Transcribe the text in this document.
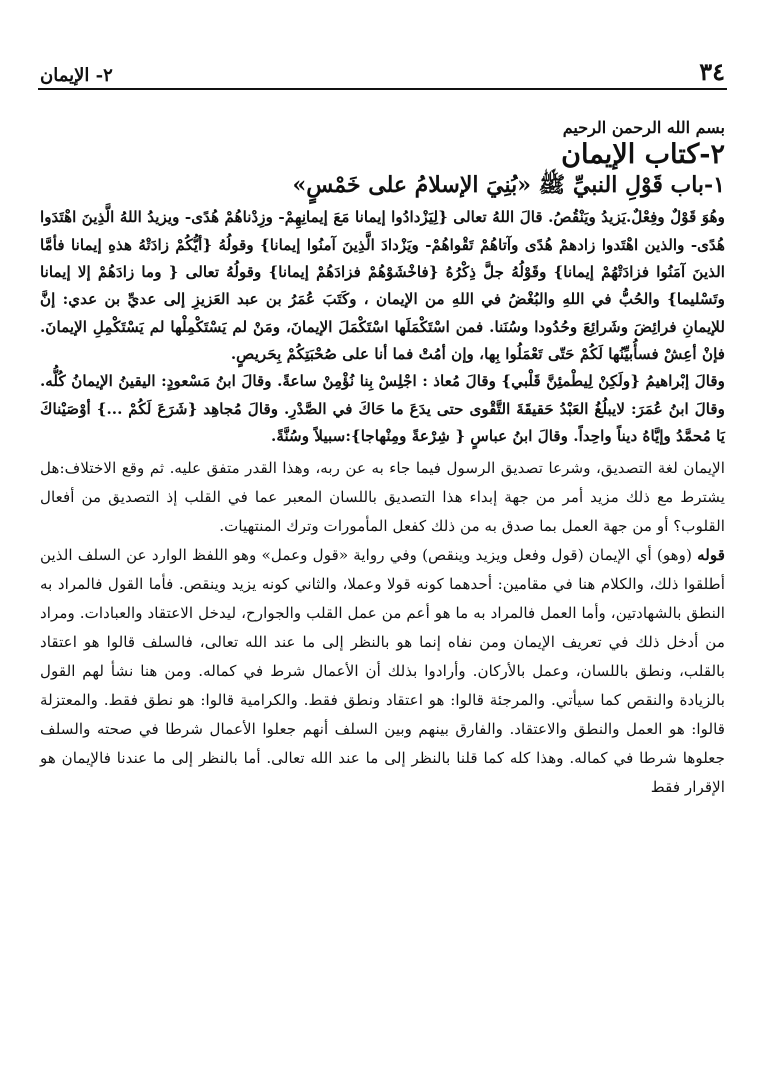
٣٤
٢- الإيمان
بسم الله الرحمن الرحيم
٢-كتاب الإيمان
١-باب قَوْلِ النبيِّ ﷺ «بُنِيَ الإسلامُ على خَمْسٍ»

وهُوَ قَوْلٌ وفِعْلٌ.يَزيدُ ويَنْقُصُ. قالَ اللهُ تعالى {لِيَزْدادُوا إيمانا مَعَ إيمانِهِمْ- وزِدْناهُمْ هُدًى- ويزيدُ اللهُ الَّذِينَ اهْتَدَوا هُدًى- والذين اهْتَدوا زادهمْ هُدًى وآتاهُمْ تَقْواهُمْ- ويَزْدادَ الَّذِينَ آمنُوا إيمانا} وقولُهُ {أيُّكُمْ زادَتْهُ هذهِ إيمانا فأمَّا الذينَ آمَنُوا فزادَتْهُمْ إيمانا} وقَوْلُهُ جلَّ ذِكْرُهُ {فاخْشَوْهُمْ فزادَهُمْ إيمانا} وقولُهُ تعالى { وما زادَهُمْ إلا إيمانا وتَسْليما} والحُبُّ في اللهِ والبُغْضُ في اللهِ من الإيمان ، وكَتَبَ عُمَرُ بن عبد العَزيزِ إلى عديِّ بن عدي: إنَّ للإيمانِ فرائِضَ وشَرائِعَ وحُدُودا وسُنَنا. فمن اسْتَكْمَلَها اسْتَكْمَلَ الإيمانَ، ومَنْ لم يَسْتَكْمِلْها لم يَسْتَكْمِلِ الإيمانَ. فإنْ أعِشْ فسأُبيِّنُها لَكُمْ حَتّى تَعْمَلُوا بِها، وإن أمُتْ فما أنا على صُحْبَتِكُمْ بِحَريصٍ.

وقالَ إبْراهيمُ {ولَكِنْ لِيطْمئِنَّ قَلْبي} وقالَ مُعاذ : اجْلِسْ بِنا نُؤْمِنْ ساعةً. وقالَ ابنُ مَسْعودٍ: اليقينُ الإيمانُ كُلُّه. وقالَ ابنُ عُمَرَ: لايبلُغُ العَبْدُ حَقيقَةَ التَّقْوى حتى يدَعَ ما حَاكَ في الصَّدْرِ. وقالَ مُجاهِد {شَرَعَ لَكُمْ ...} أوْصَيْناكَ يَا مُحمَّدُ وإيَّاهُ ديناً واحِداً. وقالَ ابنُ عباسٍ { شِرْعةً ومِنْهاجا}:سبيلاً وسُنَّةً.

الإيمان لغة التصديق، وشرعا تصديق الرسول فيما جاء به عن ربه، وهذا القدر متفق عليه. ثم وقع الاختلاف:هل يشترط مع ذلك مزيد أمر من جهة إبداء هذا التصديق باللسان المعبر عما في القلب إذ التصديق من أفعال القلوب؟ أو من جهة العمل بما صدق به من ذلك كفعل المأمورات وترك المنتهيات.

قوله (وهو) أي الإيمان (قول وفعل ويزيد وينقص) وفي رواية «قول وعمل» وهو اللفظ الوارد عن السلف الذين أطلقوا ذلك، والكلام هنا في مقامين: أحدهما كونه قولا وعملا، والثاني كونه يزيد وينقص. فأما القول فالمراد به النطق بالشهادتين، وأما العمل فالمراد به ما هو أعم من عمل القلب والجوارح، ليدخل الاعتقاد والعبادات. ومراد من أدخل ذلك في تعريف الإيمان ومن نفاه إنما هو بالنظر إلى ما عند الله تعالى، فالسلف قالوا هو اعتقاد بالقلب، ونطق باللسان، وعمل بالأركان. وأرادوا بذلك أن الأعمال شرط في كماله. ومن هنا نشأ لهم القول بالزيادة والنقص كما سيأتي. والمرجئة قالوا: هو اعتقاد ونطق فقط. والكرامية قالوا: هو نطق فقط. والمعتزلة قالوا: هو العمل والنطق والاعتقاد. والفارق بينهم وبين السلف أنهم جعلوا الأعمال شرطا في صحته والسلف جعلوها شرطا في كماله. وهذا كله كما قلنا بالنظر إلى ما عند الله تعالى. أما بالنظر إلى ما عندنا فالإيمان هو الإقرار فقط
